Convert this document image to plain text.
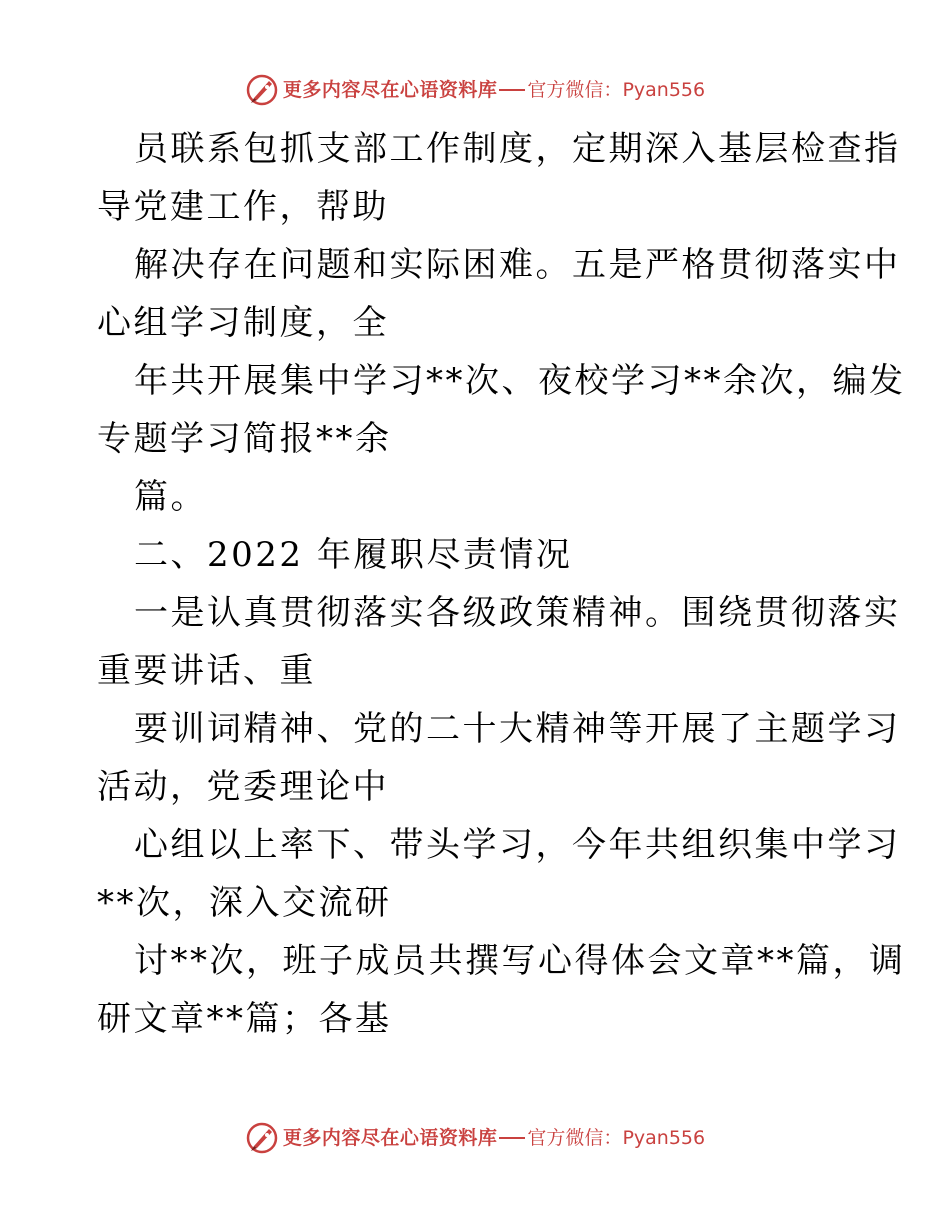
更多内容尽在心语资料库 官方微信： Pyan556
员联系包抓支部工作制度，定期深入基层检查指
导党建工作，帮助
解决存在问题和实际困难。五是严格贯彻落实中
心组学习制度，全
年共开展集中学习**次、夜校学习**余次，编发
专题学习简报**余
篇。
二、2022 年履职尽责情况
一是认真贯彻落实各级政策精神。围绕贯彻落实
重要讲话、重
要训词精神、党的二十大精神等开展了主题学习
活动，党委理论中
心组以上率下、带头学习，今年共组织集中学习
**次，深入交流研
讨**次，班子成员共撰写心得体会文章**篇，调
研文章**篇；各基
更多内容尽在心语资料库 官方微信： Pyan556
